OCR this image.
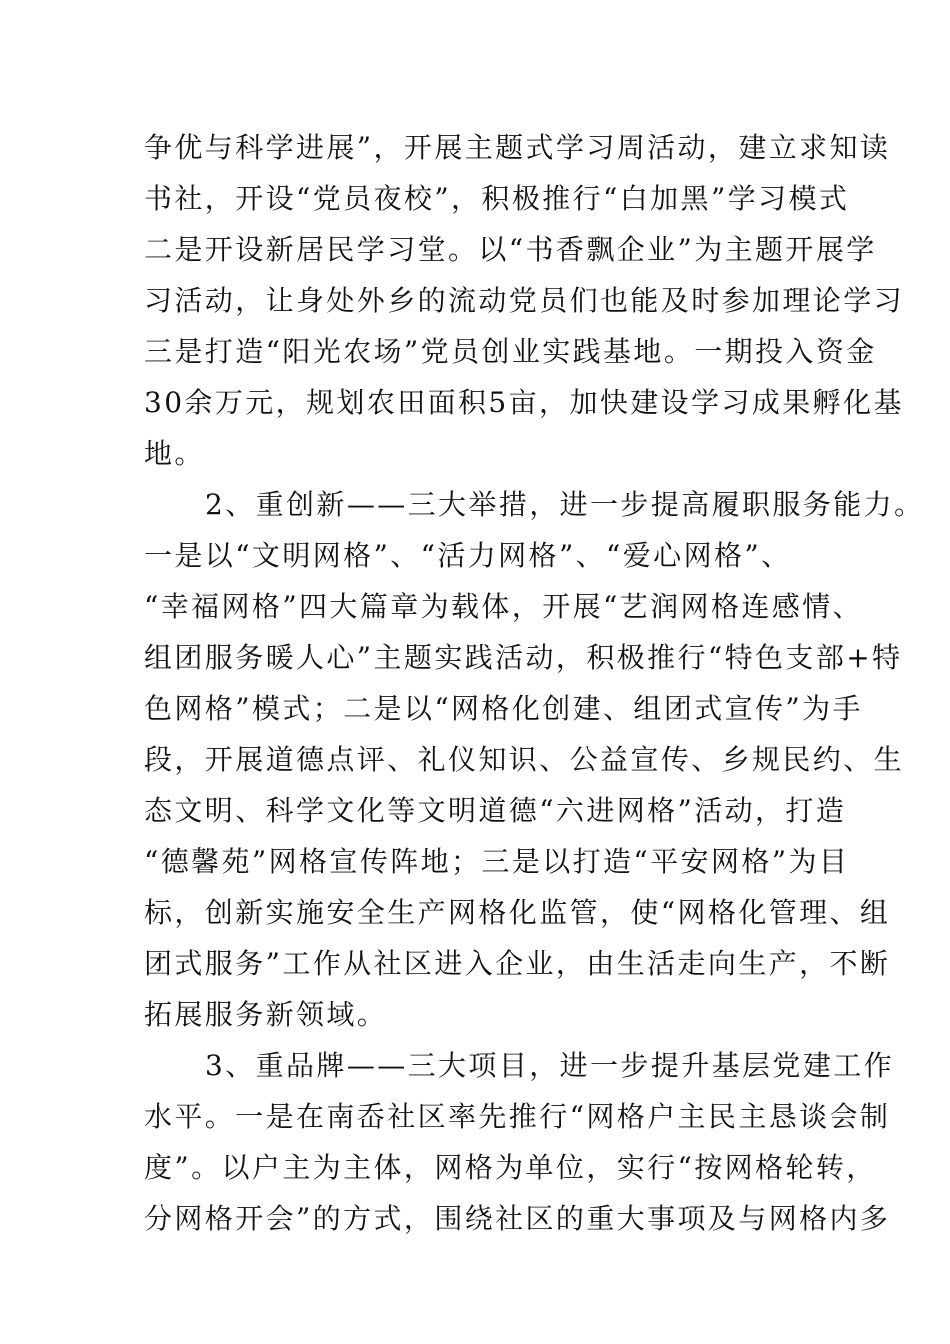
争优与科学进展”，开展主题式学习周活动，建立求知读
书社，开设“党员夜校”，积极推行“白加黑”学习模式
二是开设新居民学习堂。以“书香飘企业”为主题开展学
习活动，让身处外乡的流动党员们也能及时参加理论学习
三是打造“阳光农场”党员创业实践基地。一期投入资金
30余万元，规划农田面积5亩，加快建设学习成果孵化基
地。
2、重创新——三大举措，进一步提高履职服务能力。
一是以“文明网格”、“活力网格”、“爱心网格”、
“幸福网格”四大篇章为载体，开展“艺润网格连感情、
组团服务暖人心”主题实践活动，积极推行“特色支部+特
色网格”模式；二是以“网格化创建、组团式宣传”为手
段，开展道德点评、礼仪知识、公益宣传、乡规民约、生
态文明、科学文化等文明道德“六进网格”活动，打造
“德馨苑”网格宣传阵地；三是以打造“平安网格”为目
标，创新实施安全生产网格化监管，使“网格化管理、组
团式服务”工作从社区进入企业，由生活走向生产，不断
拓展服务新领域。
3、重品牌——三大项目，进一步提升基层党建工作
水平。一是在南岙社区率先推行“网格户主民主恳谈会制
度”。以户主为主体，网格为单位，实行“按网格轮转，
分网格开会”的方式，围绕社区的重大事项及与网格内多
